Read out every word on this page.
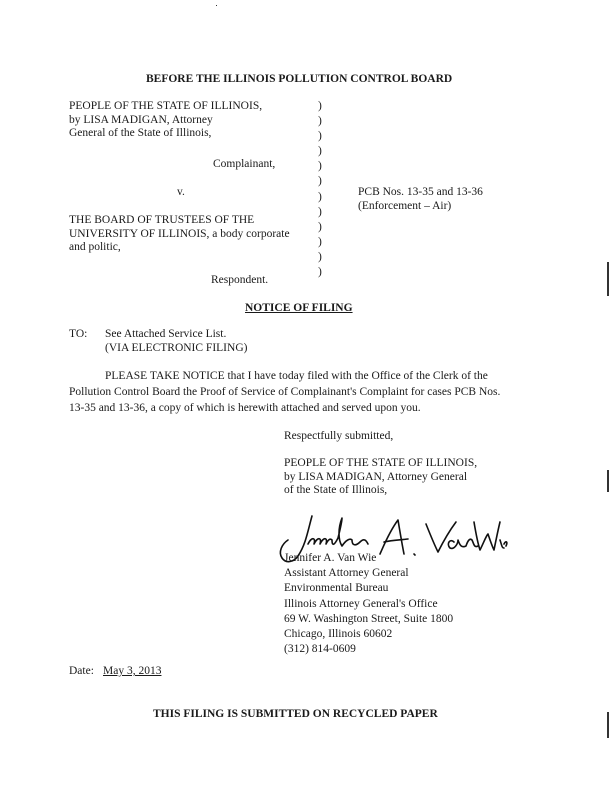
BEFORE THE ILLINOIS POLLUTION CONTROL BOARD
PEOPLE OF THE STATE OF ILLINOIS,
by LISA MADIGAN, Attorney
General of the State of Illinois,
Complainant,
v.
THE BOARD OF TRUSTEES OF THE
UNIVERSITY OF ILLINOIS, a body corporate
and politic,
Respondent.
)
)
)
)
)
)
)
)
)
)
)
)
PCB Nos. 13-35 and 13-36
(Enforcement – Air)
NOTICE OF FILING
TO: See Attached Service List.
(VIA ELECTRONIC FILING)
PLEASE TAKE NOTICE that I have today filed with the Office of the Clerk of the
Pollution Control Board the Proof of Service of Complainant's Complaint for cases PCB Nos.
13-35 and 13-36, a copy of which is herewith attached and served upon you.
Respectfully submitted,
PEOPLE OF THE STATE OF ILLINOIS,
by LISA MADIGAN, Attorney General
of the State of Illinois,
Jennifer A. Van Wie
Assistant Attorney General
Environmental Bureau
Illinois Attorney General's Office
69 W. Washington Street, Suite 1800
Chicago, Illinois 60602
(312) 814-0609
Date: May 3, 2013
THIS FILING IS SUBMITTED ON RECYCLED PAPER
